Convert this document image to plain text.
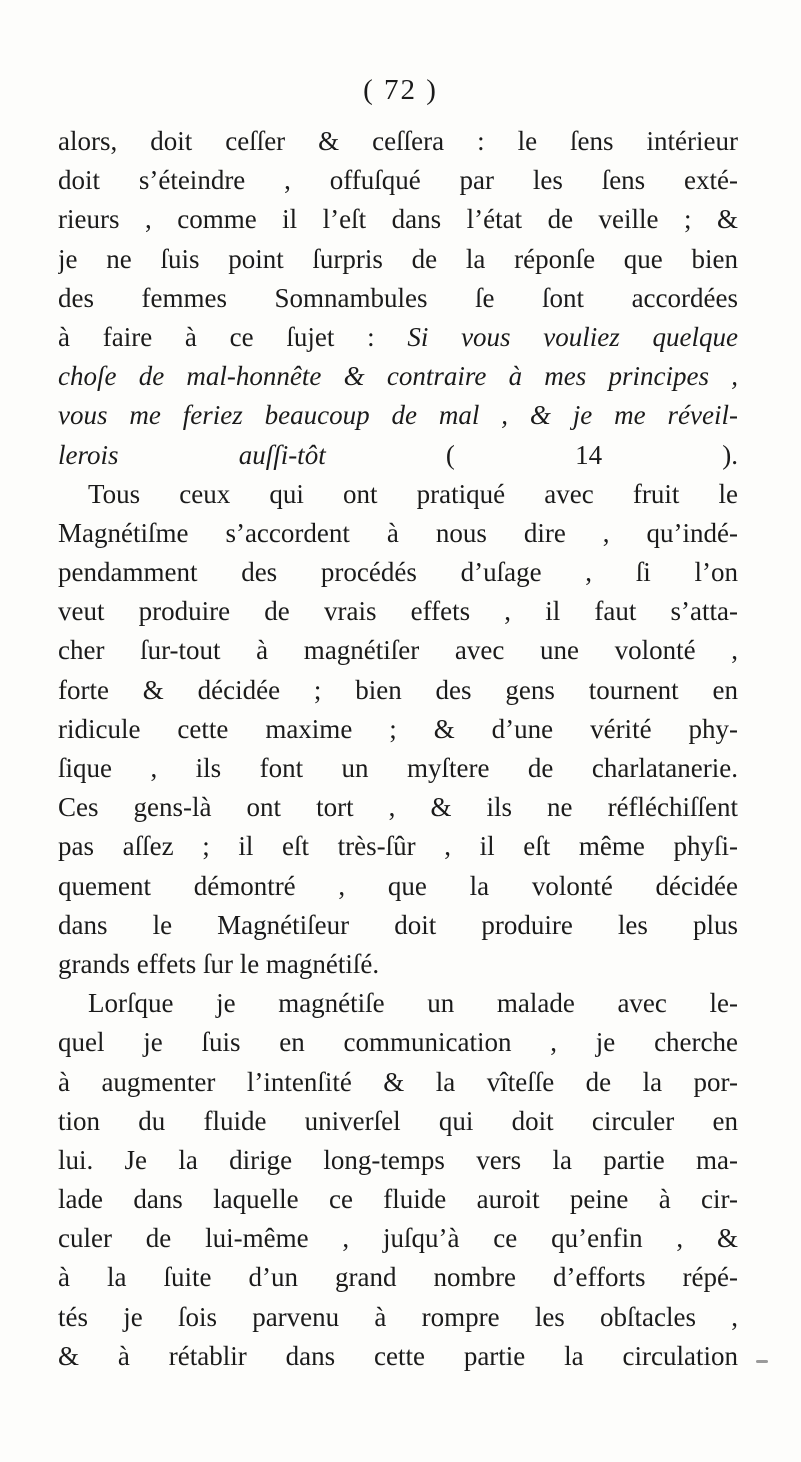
( 72 )
alors, doit ceſſer & ceſſera : le ſens intérieur
doit s’éteindre , offuſqué par les ſens exté-
rieurs , comme il l’eſt dans l’état de veille ; &
je ne ſuis point ſurpris de la réponſe que bien
des femmes Somnambules ſe ſont accordées
à faire à ce ſujet : Si vous vouliez quelque
choſe de mal-honnête & contraire à mes principes ,
vous me feriez beaucoup de mal , & je me réveil-
lerois auſſi-tôt ( 14 ).
Tous ceux qui ont pratiqué avec fruit le
Magnétiſme s’accordent à nous dire , qu’indé-
pendamment des procédés d’uſage , ſi l’on
veut produire de vrais effets , il faut s’atta-
cher ſur-tout à magnétiſer avec une volonté ,
forte & décidée ; bien des gens tournent en
ridicule cette maxime ; & d’une vérité phy-
ſique , ils font un myſtere de charlatanerie.
Ces gens-là ont tort , & ils ne réfléchiſſent
pas aſſez ; il eſt très-ſûr , il eſt même phyſi-
quement démontré , que la volonté décidée
dans le Magnétiſeur doit produire les plus
grands effets ſur le magnétiſé.
Lorſque je magnétiſe un malade avec le-
quel je ſuis en communication , je cherche
à augmenter l’intenſité & la vîteſſe de la por-
tion du fluide univerſel qui doit circuler en
lui. Je la dirige long-temps vers la partie ma-
lade dans laquelle ce fluide auroit peine à cir-
culer de lui-même , juſqu’à ce qu’enfin , &
à la ſuite d’un grand nombre d’efforts répé-
tés je ſois parvenu à rompre les obſtacles ,
& à rétablir dans cette partie la circulation
